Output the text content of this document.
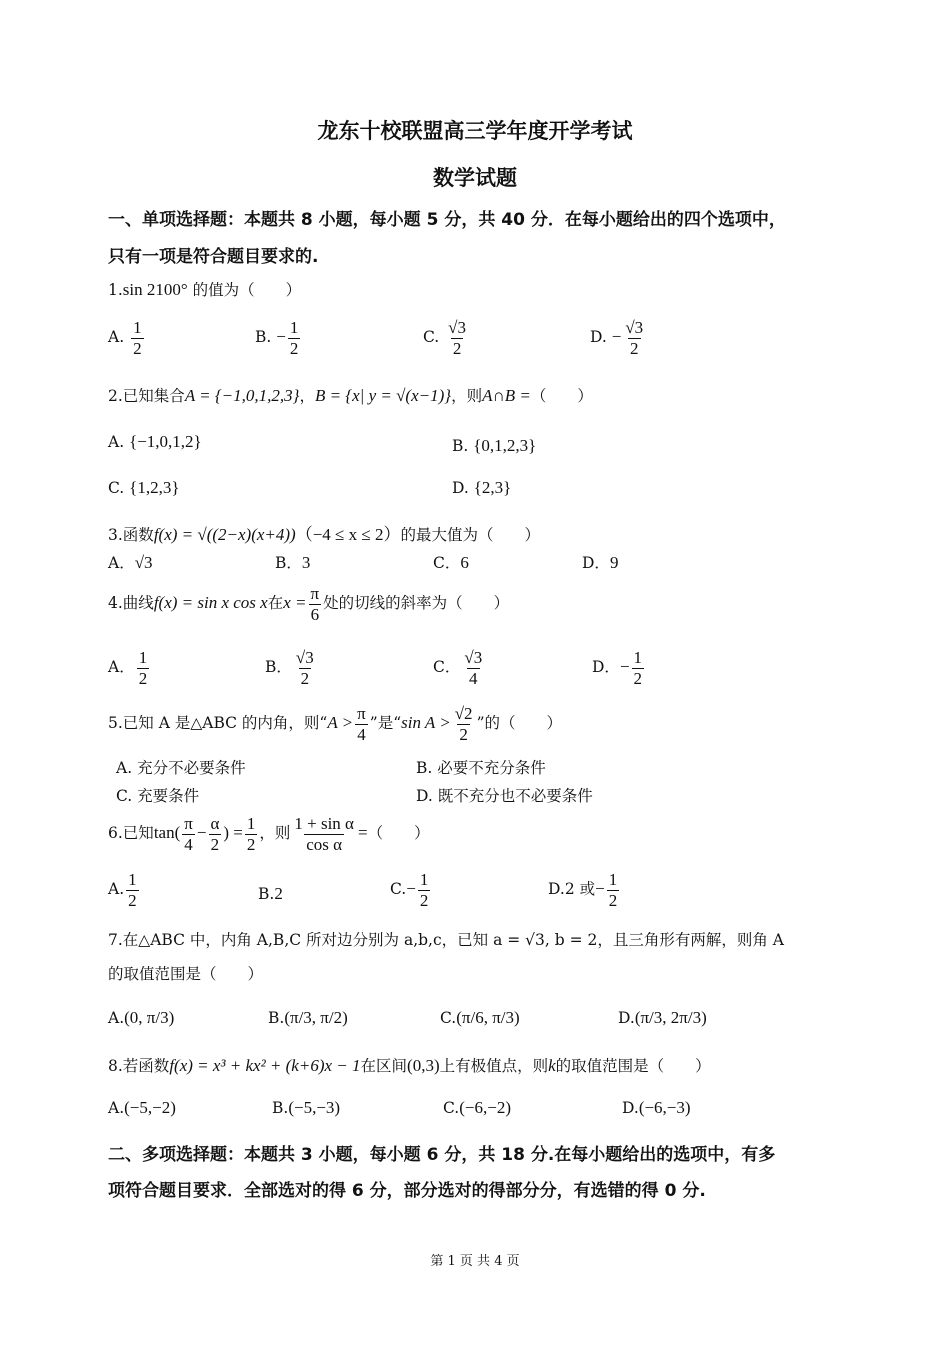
龙东十校联盟高三学年度开学考试
数学试题
一、单项选择题：本题共 8 小题，每小题 5 分，共 40 分．在每小题给出的四个选项中，
只有一项是符合题目要求的.
1.sin 2100° 的值为（　　）
A. $\frac{1}{2}$	B. − $\frac{1}{2}$	C. $\frac{√3}{2}$	D. − $\frac{√3}{2}$
2.已知集合A = {−1,0,1,2,3}，B = {x| y = √(x−1)}，则A∩B =（　　）
A. {−1,0,1,2}	B. {0,1,2,3}
C. {1,2,3}	D. {2,3}
3.函数f(x) = √((2−x)(x+4))（−4 ≤ x ≤ 2）的最大值为（　　）
A．√3	B．3	C．6	D．9
4.曲线f(x) = sin x cos x在$x = \frac{\pi}{6}$ 处的切线的斜率为（　　）
A． $\frac{1}{2}$	B． $\frac{√3}{2}$	C． $\frac{√3}{4}$	D．− $\frac{1}{2}$
5.已知 A 是△ABC 的内角，则“$A > \frac{\pi}{4}$ ”是“sin $A > \frac{√2}{2}$ ”的（　　）
A. 充分不必要条件	B. 必要不充分条件
C. 充要条件	D. 既不充分也不必要条件
6.已知$\tan( \frac{\pi}{4} - \frac{\alpha}{2}$ ) = $\frac{1}{2}$ ，则 $\frac{\text{1 + sin α}}{\text{cos α}}$ =（　　）
A. $\frac{1}{2}$	B.2	$C.- \frac{1}{2}$	D.2 或− $\frac{1}{2}$
7.在△ABC 中，内角 A,B,C 所对边分别为 a,b,c，已知 a = √3, b = 2，且三角形有两解，则角 A
的取值范围是（　　）
A.(0, π/3)	B.(π/3, π/2)	C.(π/6, π/3)	D.(π/3, 2π/3)
8.若函数f(x) = x³ + kx² + (k+6)x − 1在区间(0,3)上有极值点，则k的取值范围是（　　）
A.(−5,−2)	B.(−5,−3)	C.(−6,−2)	D.(−6,−3)
二、多项选择题：本题共 3 小题，每小题 6 分，共 18 分.在每小题给出的选项中，有多
项符合题目要求．全部选对的得 6 分，部分选对的得部分分，有选错的得 0 分.
第 1 页 共 4 页
